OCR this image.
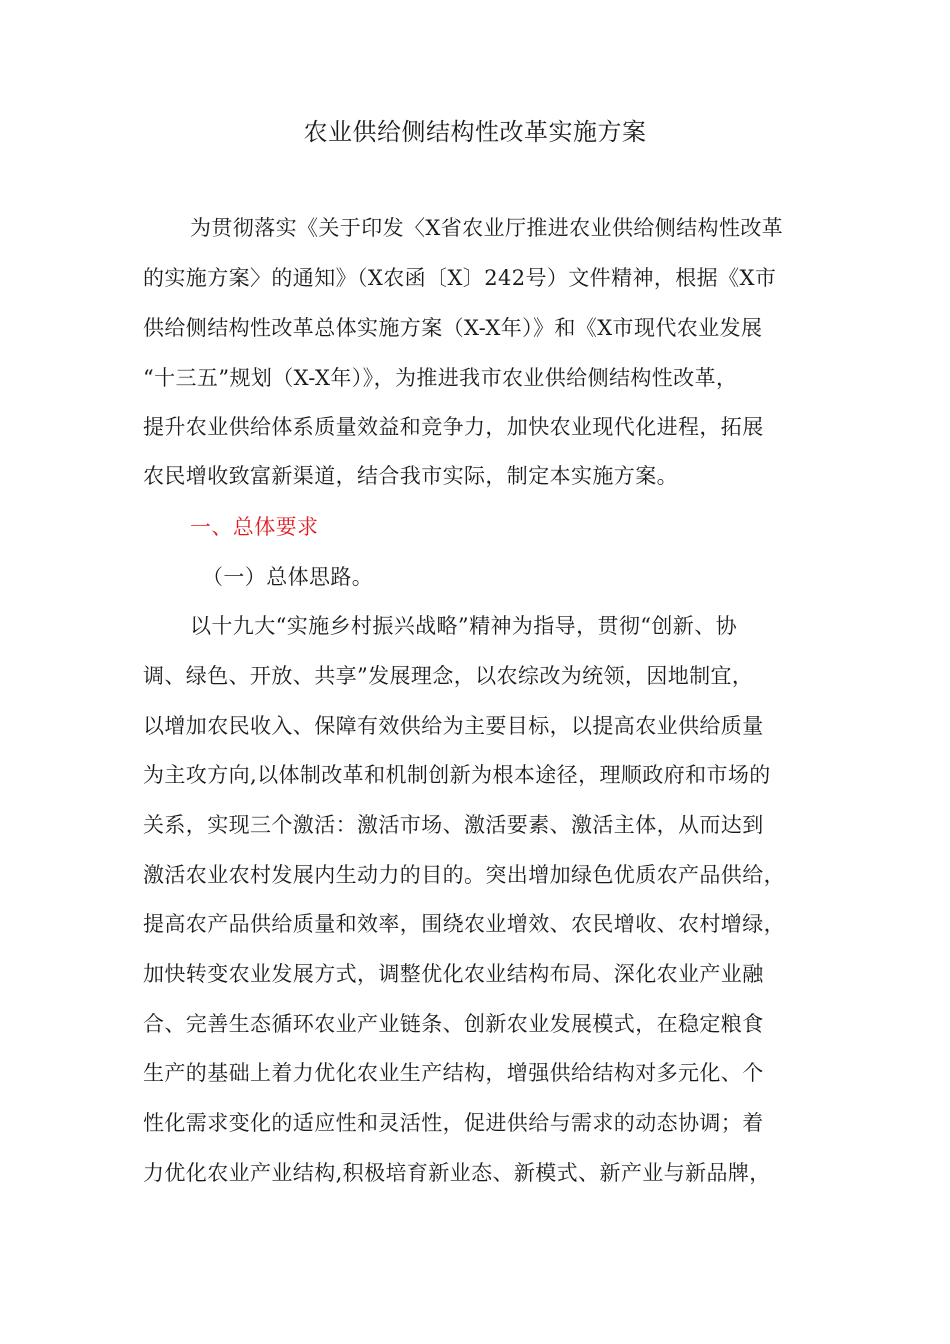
农业供给侧结构性改革实施方案
为贯彻落实《关于印发〈X省农业厅推进农业供给侧结构性改革
的实施方案〉的通知》（X农函〔X〕242号）文件精神，根据《X市
供给侧结构性改革总体实施方案（X-X年）》和《X市现代农业发展
“十三五”规划（X-X年）》，为推进我市农业供给侧结构性改革，
提升农业供给体系质量效益和竞争力，加快农业现代化进程，拓展
农民增收致富新渠道，结合我市实际，制定本实施方案。
一、总体要求
（一）总体思路。
以十九大“实施乡村振兴战略”精神为指导，贯彻“创新、协
调、绿色、开放、共享”发展理念，以农综改为统领，因地制宜，
以增加农民收入、保障有效供给为主要目标，以提高农业供给质量
为主攻方向,以体制改革和机制创新为根本途径，理顺政府和市场的
关系，实现三个激活：激活市场、激活要素、激活主体，从而达到
激活农业农村发展内生动力的目的。突出增加绿色优质农产品供给，
提高农产品供给质量和效率，围绕农业增效、农民增收、农村增绿，
加快转变农业发展方式，调整优化农业结构布局、深化农业产业融
合、完善生态循环农业产业链条、创新农业发展模式，在稳定粮食
生产的基础上着力优化农业生产结构，增强供给结构对多元化、个
性化需求变化的适应性和灵活性，促进供给与需求的动态协调；着
力优化农业产业结构,积极培育新业态、新模式、新产业与新品牌，
